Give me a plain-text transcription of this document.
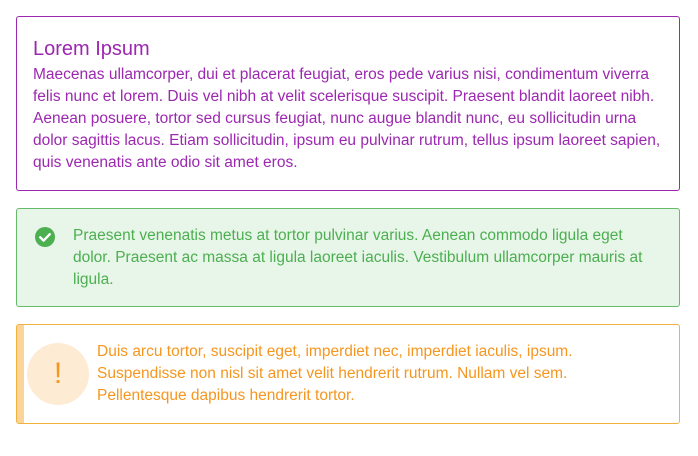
Lorem Ipsum

Maecenas ullamcorper, dui et placerat feugiat, eros pede varius nisi, condimentum viverra felis nunc et lorem. Duis vel nibh at velit scelerisque suscipit. Praesent blandit laoreet nibh. Aenean posuere, tortor sed cursus feugiat, nunc augue blandit nunc, eu sollicitudin urna dolor sagittis lacus. Etiam sollicitudin, ipsum eu pulvinar rutrum, tellus ipsum laoreet sapien, quis venenatis ante odio sit amet eros.

Praesent venenatis metus at tortor pulvinar varius. Aenean commodo ligula eget dolor. Praesent ac massa at ligula laoreet iaculis. Vestibulum ullamcorper mauris at ligula.

!

Duis arcu tortor, suscipit eget, imperdiet nec, imperdiet iaculis, ipsum. Suspendisse non nisl sit amet velit hendrerit rutrum. Nullam vel sem. Pellentesque dapibus hendrerit tortor.
